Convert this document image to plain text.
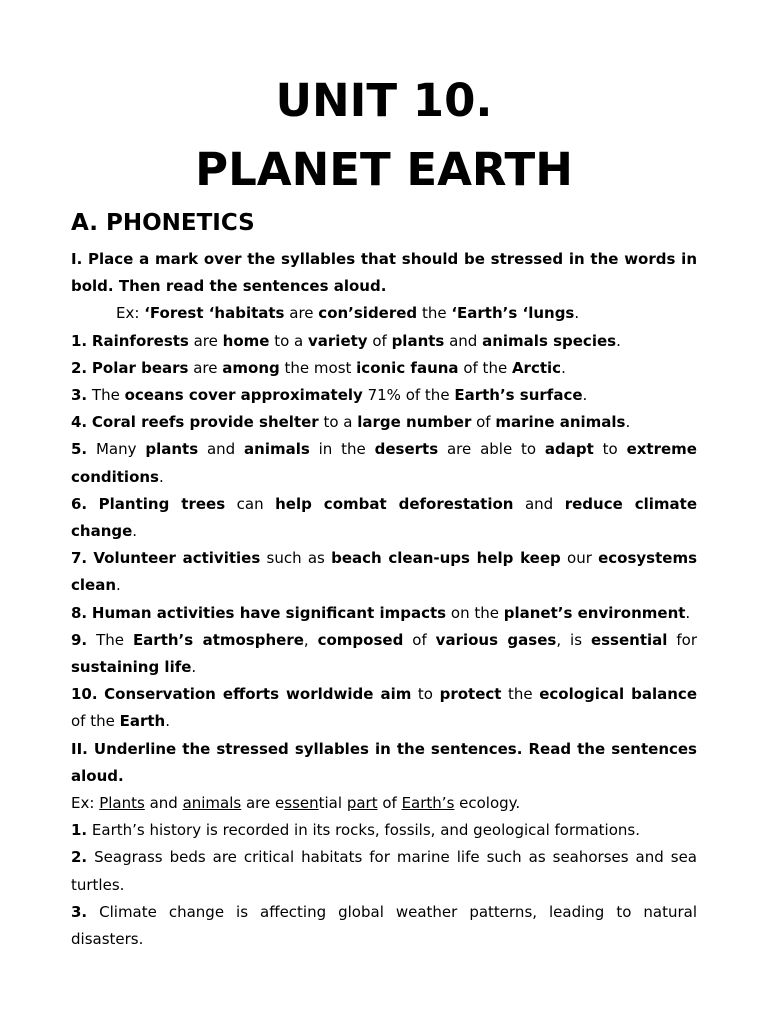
UNIT 10.
PLANET EARTH
A. PHONETICS

I. Place a mark over the syllables that should be stressed in the words in bold. Then read the sentences aloud.

Ex: ‘Forest ‘habitats are con’sidered the ‘Earth’s ‘lungs.

1. Rainforests are home to a variety of plants and animals species.

2. Polar bears are among the most iconic fauna of the Arctic.

3. The oceans cover approximately 71% of the Earth’s surface.

4. Coral reefs provide shelter to a large number of marine animals.

5. Many plants and animals in the deserts are able to adapt to extreme conditions.

6. Planting trees can help combat deforestation and reduce climate change.

7. Volunteer activities such as beach clean-ups help keep our ecosystems clean.

8. Human activities have significant impacts on the planet’s environment.

9. The Earth’s atmosphere, composed of various gases, is essential for sustaining life.

10. Conservation efforts worldwide aim to protect the ecological balance of the Earth.

II. Underline the stressed syllables in the sentences. Read the sentences aloud.

Ex: Plants and animals are essential part of Earth’s ecology.

1. Earth’s history is recorded in its rocks, fossils, and geological formations.

2. Seagrass beds are critical habitats for marine life such as seahorses and sea turtles.

3. Climate change is affecting global weather patterns, leading to natural disasters.
